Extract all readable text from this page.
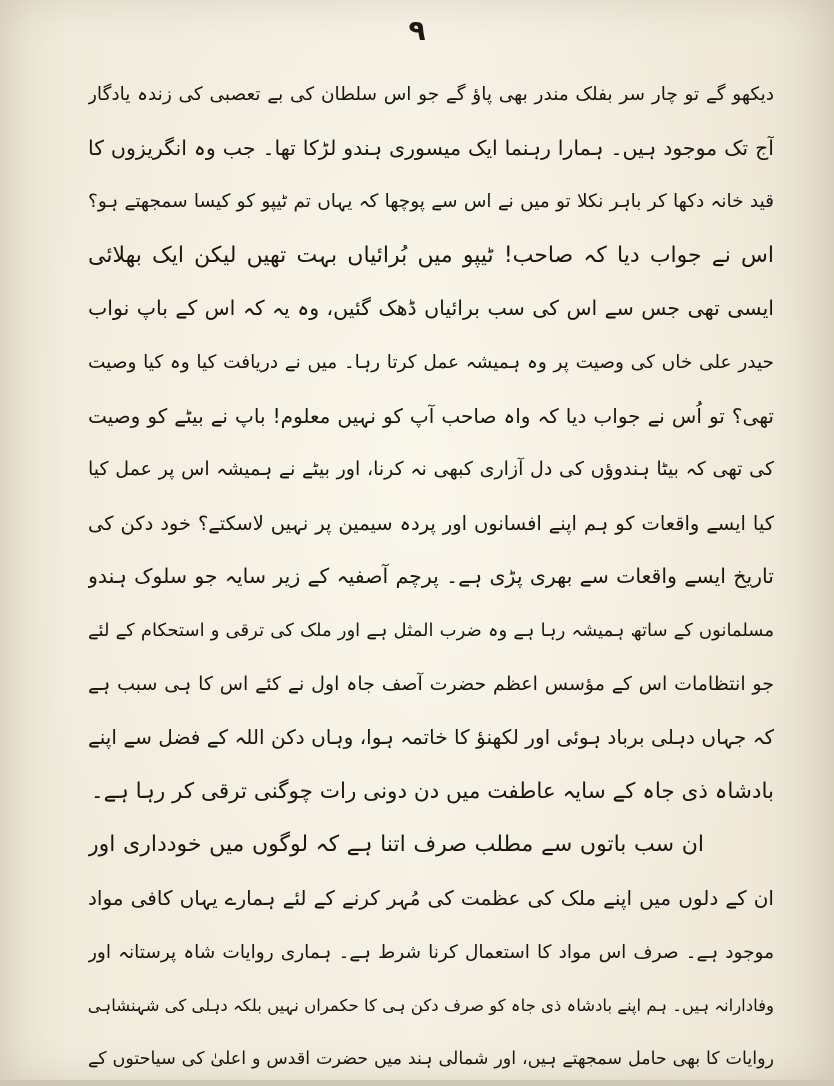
۹
دیکھو گے تو چار سر بفلک مندر بھی پاؤ گے جو اس سلطان کی بے تعصبی کی زندہ یادگار
آج تک موجود ہیں۔ ہمارا رہنما ایک میسوری ہندو لڑکا تھا۔ جب وہ انگریزوں کا
قید خانہ دکھا کر باہر نکلا تو میں نے اس سے پوچھا کہ یہاں تم ٹیپو کو کیسا سمجھتے ہو؟
اس نے جواب دیا کہ صاحب! ٹیپو میں بُرائیاں بہت تھیں لیکن ایک بھلائی
ایسی تھی جس سے اس کی سب برائیاں ڈھک گئیں، وہ یہ کہ اس کے باپ نواب
حیدر علی خاں کی وصیت پر وہ ہمیشہ عمل کرتا رہا۔ میں نے دریافت کیا وہ کیا وصیت
تھی؟ تو اُس نے جواب دیا کہ واہ صاحب آپ کو نہیں معلوم! باپ نے بیٹے کو وصیت
کی تھی کہ بیٹا ہندوؤں کی دل آزاری کبھی نہ کرنا، اور بیٹے نے ہمیشہ اس پر عمل کیا
کیا ایسے واقعات کو ہم اپنے افسانوں اور پردہ سیمین پر نہیں لاسکتے؟ خود دکن کی
تاریخ ایسے واقعات سے بھری پڑی ہے۔ پرچم آصفیہ کے زیر سایہ جو سلوک ہندو
مسلمانوں کے ساتھ ہمیشہ رہا ہے وہ ضرب المثل ہے اور ملک کی ترقی و استحکام کے لئے
جو انتظامات اس کے مؤسس اعظم حضرت آصف جاہ اول نے کئے اس کا ہی سبب ہے
کہ جہاں دہلی برباد ہوئی اور لکھنؤ کا خاتمہ ہوا، وہاں دکن اللہ کے فضل سے اپنے
بادشاہ ذی جاہ کے سایہ عاطفت میں دن دونی رات چوگنی ترقی کر رہا ہے۔
ان سب باتوں سے مطلب صرف اتنا ہے کہ لوگوں میں خودداری اور
ان کے دلوں میں اپنے ملک کی عظمت کی مُہر کرنے کے لئے ہمارے یہاں کافی مواد
موجود ہے۔ صرف اس مواد کا استعمال کرنا شرط ہے۔ ہماری روایات شاہ پرستانہ اور
وفادارانہ ہیں۔ ہم اپنے بادشاہ ذی جاہ کو صرف دکن ہی کا حکمراں نہیں بلکہ دہلی کی شہنشاہی
روایات کا بھی حامل سمجھتے ہیں، اور شمالی ہند میں حضرت اقدس و اعلیٰ کی سیاحتوں کے
